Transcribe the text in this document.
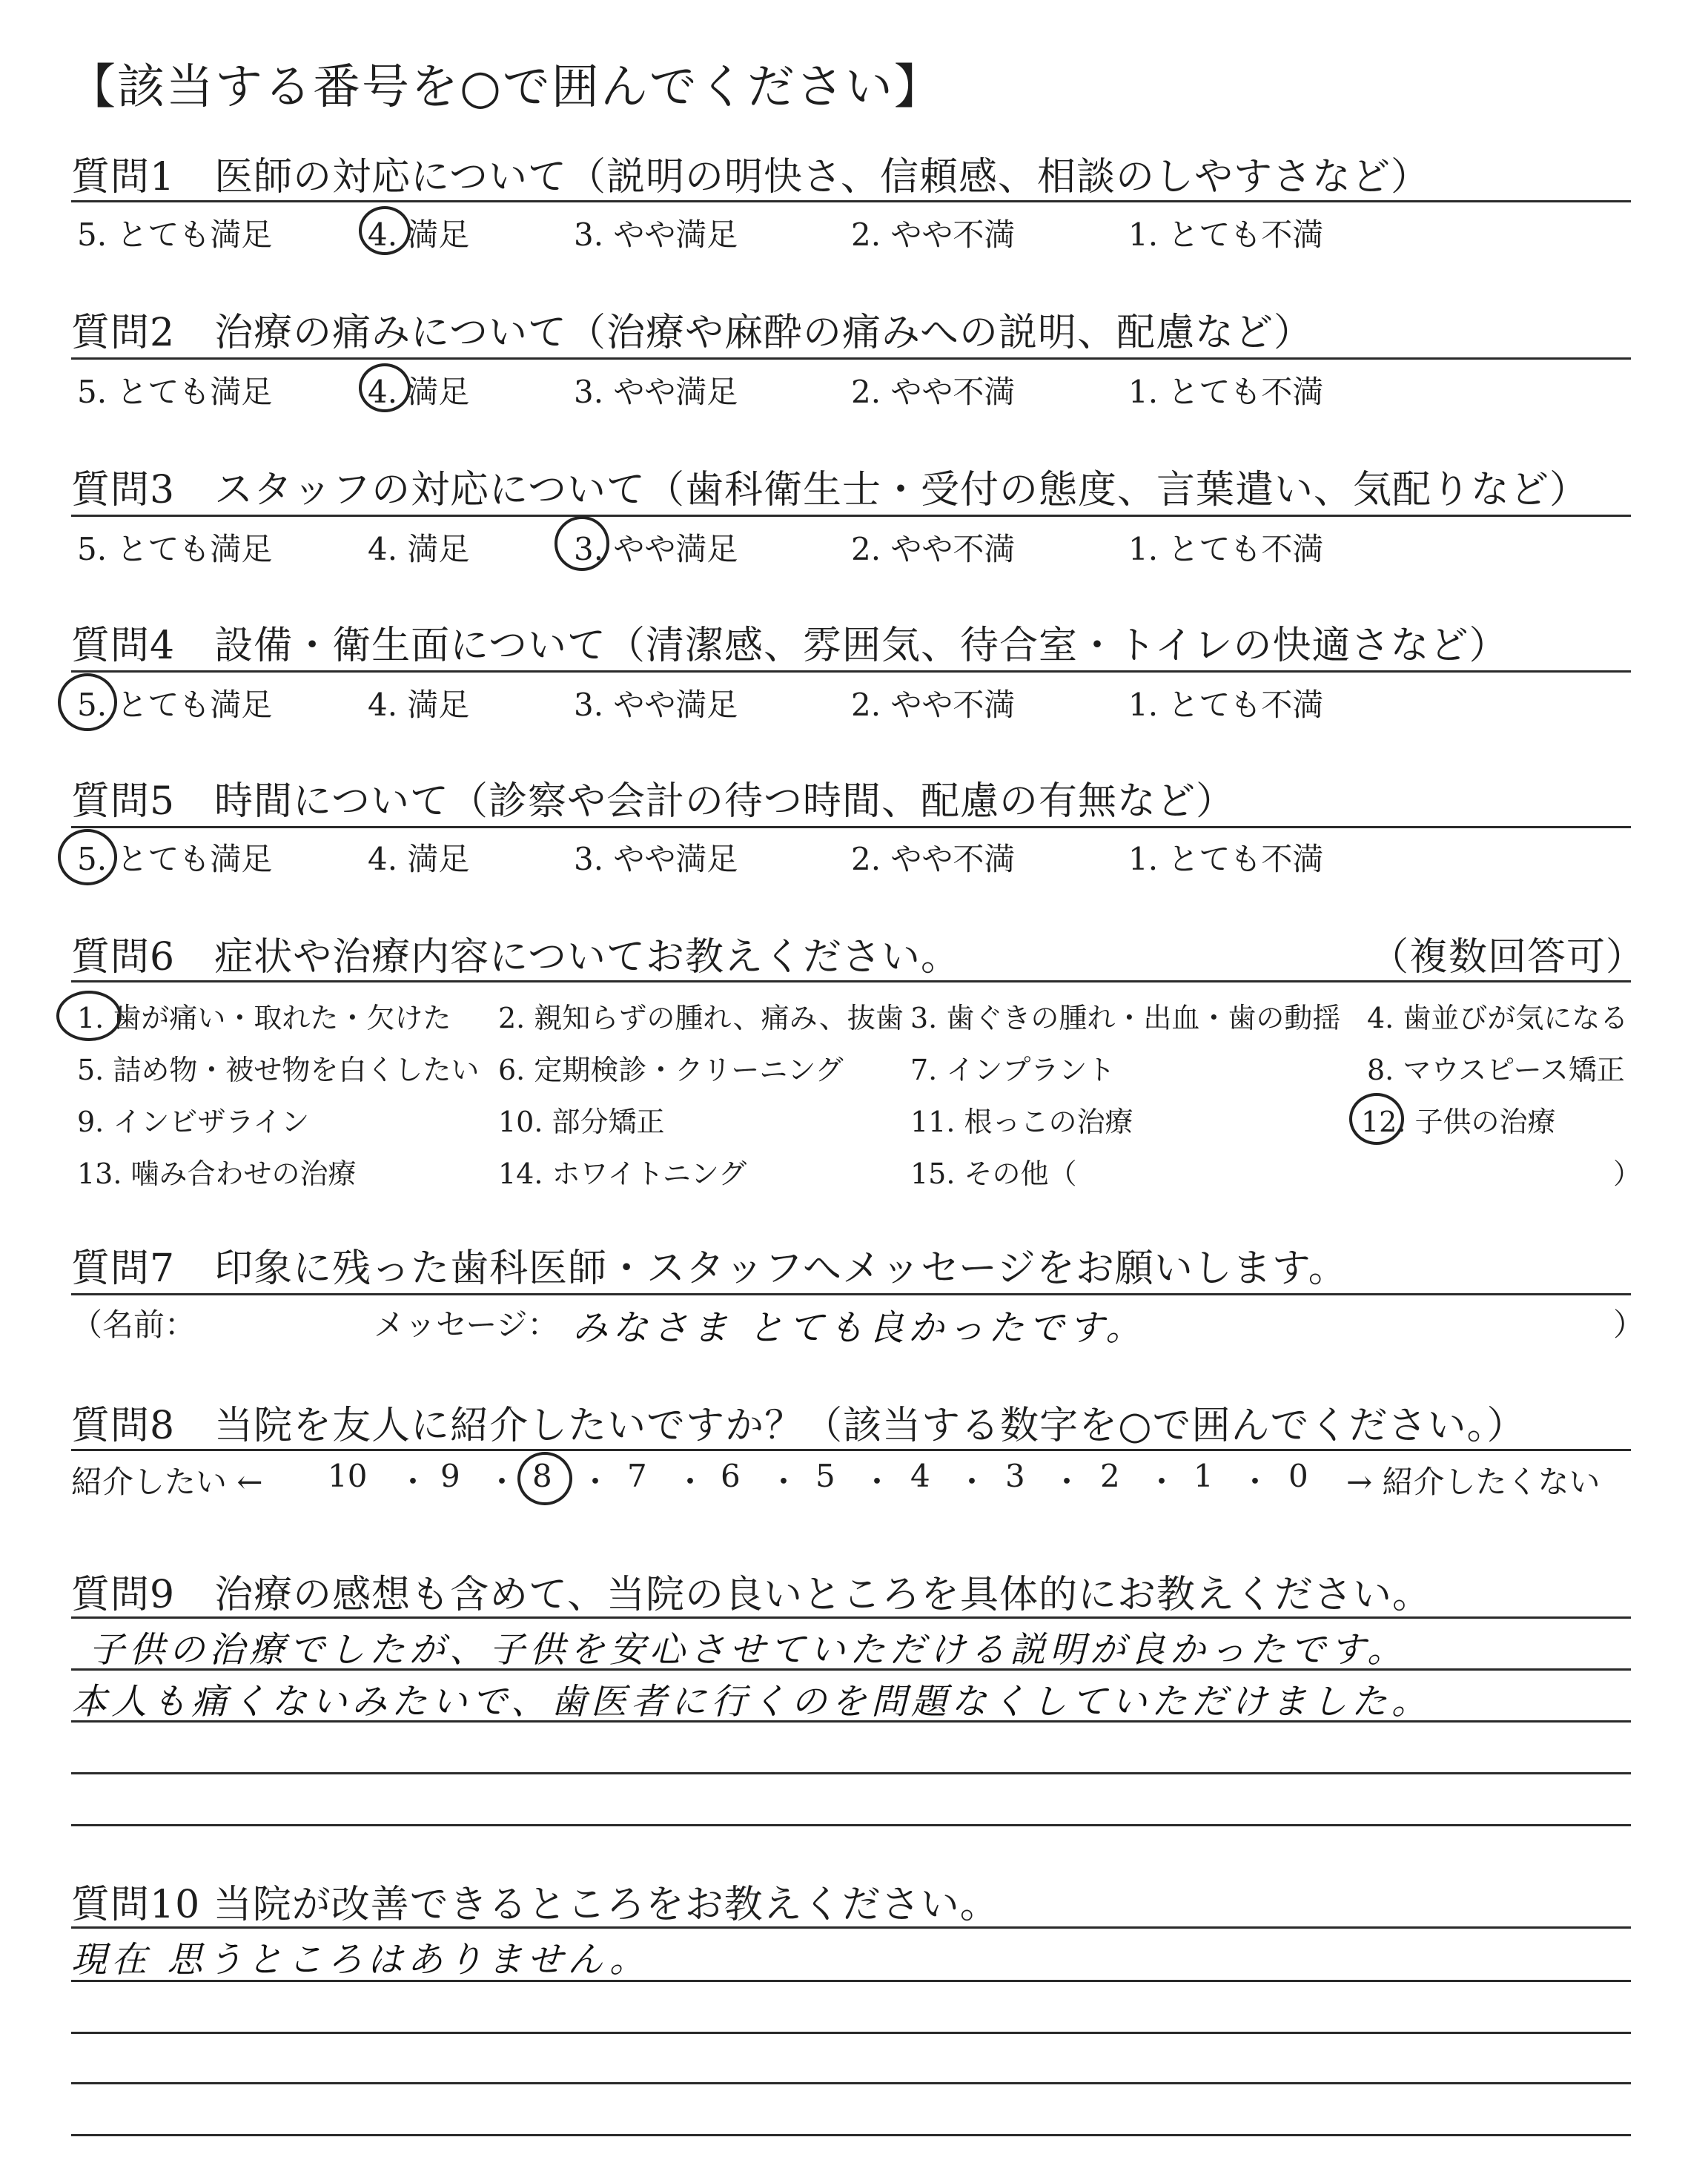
【該当する番号を○で囲んでください】
質問1　医師の対応について（説明の明快さ、信頼感、相談のしやすさなど）
5. とても満足	4. 満足	3. やや満足	2. やや不満	1. とても不満
質問2　治療の痛みについて（治療や麻酔の痛みへの説明、配慮など）
5. とても満足	4. 満足	3. やや満足	2. やや不満	1. とても不満
質問3　スタッフの対応について（歯科衛生士・受付の態度、言葉遣い、気配りなど）
5. とても満足	4. 満足	3. やや満足	2. やや不満	1. とても不満
質問4　設備・衛生面について（清潔感、雰囲気、待合室・トイレの快適さなど）
5. とても満足	4. 満足	3. やや満足	2. やや不満	1. とても不満
質問5　時間について（診察や会計の待つ時間、配慮の有無など）
5. とても満足	4. 満足	3. やや満足	2. やや不満	1. とても不満
質問6　症状や治療内容についてお教えください。	（複数回答可）
1. 歯が痛い・取れた・欠けた 2. 親知らずの腫れ、痛み、抜歯 3. 歯ぐきの腫れ・出血・歯の動揺 4. 歯並びが気になる
5. 詰め物・被せ物を白くしたい 6. 定期検診・クリーニング 7. インプラント	8. マウスピース矯正
9. インビザライン	10. 部分矯正	11. 根っこの治療	12. 子供の治療
13. 噛み合わせの治療	14. ホワイトニング	15. その他（	）
質問7　印象に残った歯科医師・スタッフへメッセージをお願いします。
（名前：	メッセージ： みなさま とても良かったです。	）
質問8　当院を友人に紹介したいですか？（該当する数字を○で囲んでください。）
紹介したい ←	→ 紹介したくない
10 ・ 9 ・ 8 ・ 7 ・ 6 ・ 5 ・ 4 ・ 3 ・ 2 ・ 1 ・ 0
質問9　治療の感想も含めて、当院の良いところを具体的にお教えください。
子供の治療でしたが、子供を安心させていただける説明が良かったです。
本人も痛くないみたいで、歯医者に行くのを問題なくしていただけました。
質問10 当院が改善できるところをお教えください。
現在 思うところはありません。
